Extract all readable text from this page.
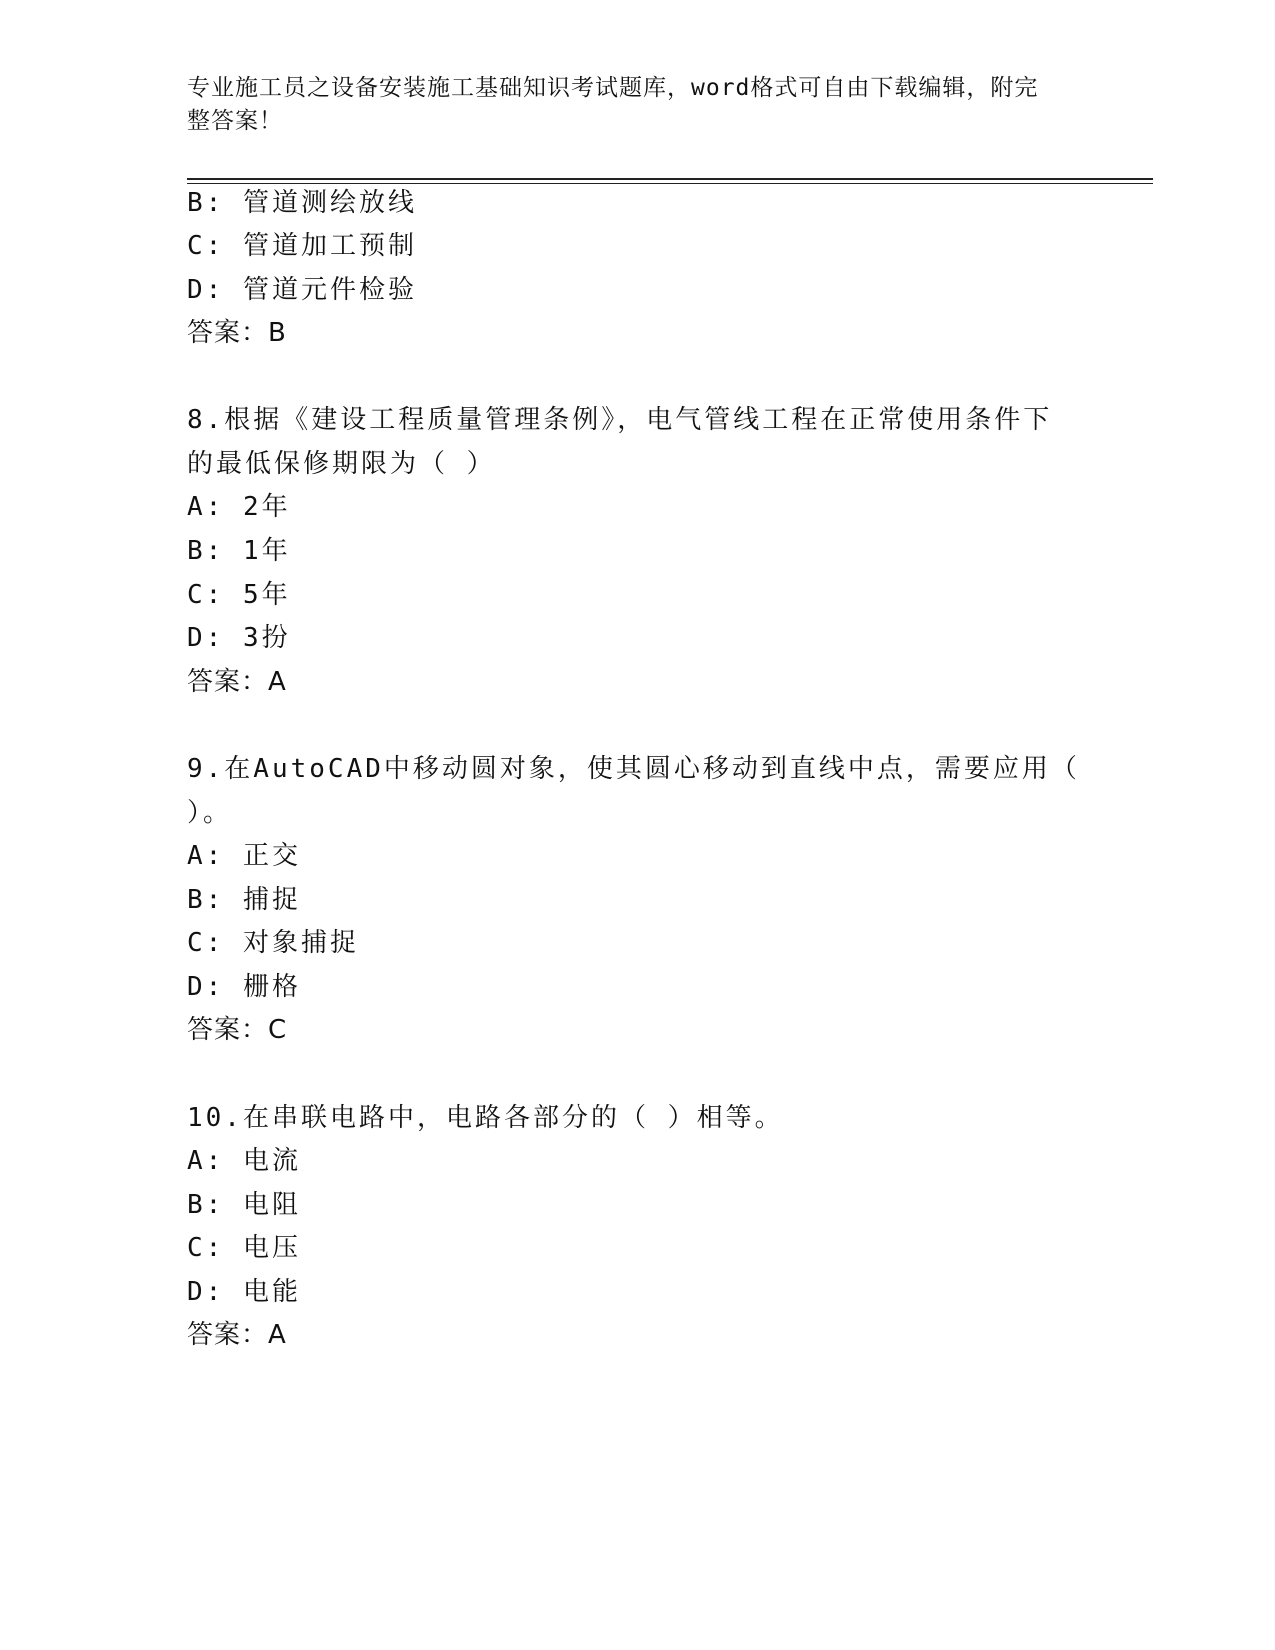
专业施工员之设备安装施工基础知识考试题库，word格式可自由下载编辑，附完
整答案！
B: 管道测绘放线
C: 管道加工预制
D: 管道元件检验
答案：B
8.根据《建设工程质量管理条例》，电气管线工程在正常使用条件下
的最低保修期限为（ ）
A: 2年
B: 1年
C: 5年
D: 3扮
答案：A
9.在AutoCAD中移动圆对象，使其圆心移动到直线中点，需要应用（
）。
A: 正交
B: 捕捉
C: 对象捕捉
D: 栅格
答案：C
10.在串联电路中，电路各部分的（ ）相等。
A: 电流
B: 电阻
C: 电压
D: 电能
答案：A
